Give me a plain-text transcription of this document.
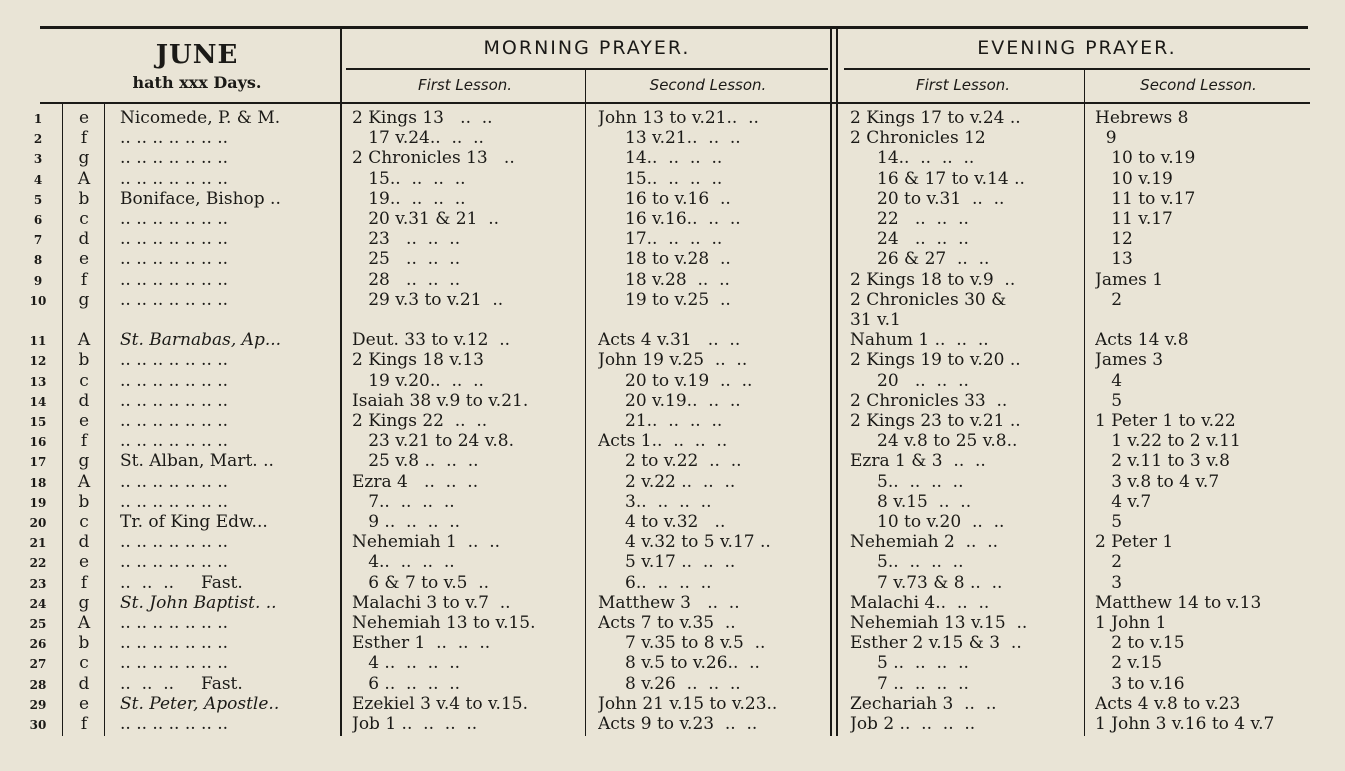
JUNE
hath xxx Days.
MORNING PRAYER.	EVENING PRAYER.
First Lesson.	Second Lesson.	First Lesson.	Second Lesson.
1	e	Nicomede, P. & M.	2 Kings 13   ..  ..	John 13 to v.21..  ..	2 Kings 17 to v.24 ..	Hebrews 8
2	f	.. .. .. .. .. .. ..	17 v.24..  ..  ..	13 v.21..  ..  ..	2 Chronicles 12	9
3	g	.. .. .. .. .. .. ..	2 Chronicles 13   ..	14..  ..  ..  ..	14..  ..  ..  ..	10 to v.19
4	A	.. .. .. .. .. .. ..	15..  ..  ..  ..	15..  ..  ..  ..	16 & 17 to v.14 ..	10 v.19
5	b	Boniface, Bishop ..	19..  ..  ..  ..	16 to v.16  ..	20 to v.31  ..  ..	11 to v.17
6	c	.. .. .. .. .. .. ..	20 v.31 & 21  ..	16 v.16..  ..  ..	22   ..  ..  ..	11 v.17
7	d	.. .. .. .. .. .. ..	23   ..  ..  ..	17..  ..  ..  ..	24   ..  ..  ..	12
8	e	.. .. .. .. .. .. ..	25   ..  ..  ..	18 to v.28  ..	26 & 27  ..  ..	13
9	f	.. .. .. .. .. .. ..	28   ..  ..  ..	18 v.28  ..  ..	2 Kings 18 to v.9  ..	James 1
10	g	.. .. .. .. .. .. ..	29 v.3 to v.21  ..	19 to v.25  ..	2 Chronicles 30 &	2
31 v.1
11	A	St. Barnabas, Ap...	Deut. 33 to v.12  ..	Acts 4 v.31   ..  ..	Nahum 1 ..  ..  ..	Acts 14 v.8
12	b	.. .. .. .. .. .. ..	2 Kings 18 v.13	John 19 v.25  ..  ..	2 Kings 19 to v.20 ..	James 3
13	c	.. .. .. .. .. .. ..	19 v.20..  ..  ..	20 to v.19  ..  ..	20   ..  ..  ..	4
14	d	.. .. .. .. .. .. ..	Isaiah 38 v.9 to v.21.	20 v.19..  ..  ..	2 Chronicles 33  ..	5
15	e	.. .. .. .. .. .. ..	2 Kings 22  ..  ..	21..  ..  ..  ..	2 Kings 23 to v.21 ..	1 Peter 1 to v.22
16	f	.. .. .. .. .. .. ..	23 v.21 to 24 v.8.	Acts 1..  ..  ..  ..	24 v.8 to 25 v.8..	1 v.22 to 2 v.11
17	g	St. Alban, Mart. ..	25 v.8 ..  ..  ..	2 to v.22  ..  ..	Ezra 1 & 3  ..  ..	2 v.11 to 3 v.8
18	A	.. .. .. .. .. .. ..	Ezra 4   ..  ..  ..	2 v.22 ..  ..  ..	5..  ..  ..  ..	3 v.8 to 4 v.7
19	b	.. .. .. .. .. .. ..	7..  ..  ..  ..	3..  ..  ..  ..	8 v.15  ..  ..	4 v.7
20	c	Tr. of King Edw...	9 ..  ..  ..  ..	4 to v.32   ..	10 to v.20  ..  ..	5
21	d	.. .. .. .. .. .. ..	Nehemiah 1  ..  ..	4 v.32 to 5 v.17 ..	Nehemiah 2  ..  ..	2 Peter 1
22	e	.. .. .. .. .. .. ..	4..  ..  ..  ..	5 v.17 ..  ..  ..	5..  ..  ..  ..	2
23	f	..  ..  ..     Fast.	6 & 7 to v.5  ..	6..  ..  ..  ..	7 v.73 & 8 ..  ..	3
24	g	St. John Baptist. ..	Malachi 3 to v.7  ..	Matthew 3   ..  ..	Malachi 4..  ..  ..	Matthew 14 to v.13
25	A	.. .. .. .. .. .. ..	Nehemiah 13 to v.15.	Acts 7 to v.35  ..	Nehemiah 13 v.15  ..	1 John 1
26	b	.. .. .. .. .. .. ..	Esther 1  ..  ..  ..	7 v.35 to 8 v.5  ..	Esther 2 v.15 & 3  ..	2 to v.15
27	c	.. .. .. .. .. .. ..	4 ..  ..  ..  ..	8 v.5 to v.26..  ..	5 ..  ..  ..  ..	2 v.15
28	d	..  ..  ..     Fast.	6 ..  ..  ..  ..	8 v.26  ..  ..  ..	7 ..  ..  ..  ..	3 to v.16
29	e	St. Peter, Apostle..	Ezekiel 3 v.4 to v.15.	John 21 v.15 to v.23..	Zechariah 3  ..  ..	Acts 4 v.8 to v.23
30	f	.. .. .. .. .. .. ..	Job 1 ..  ..  ..  ..	Acts 9 to v.23  ..  ..	Job 2 ..  ..  ..  ..	1 John 3 v.16 to 4 v.7
